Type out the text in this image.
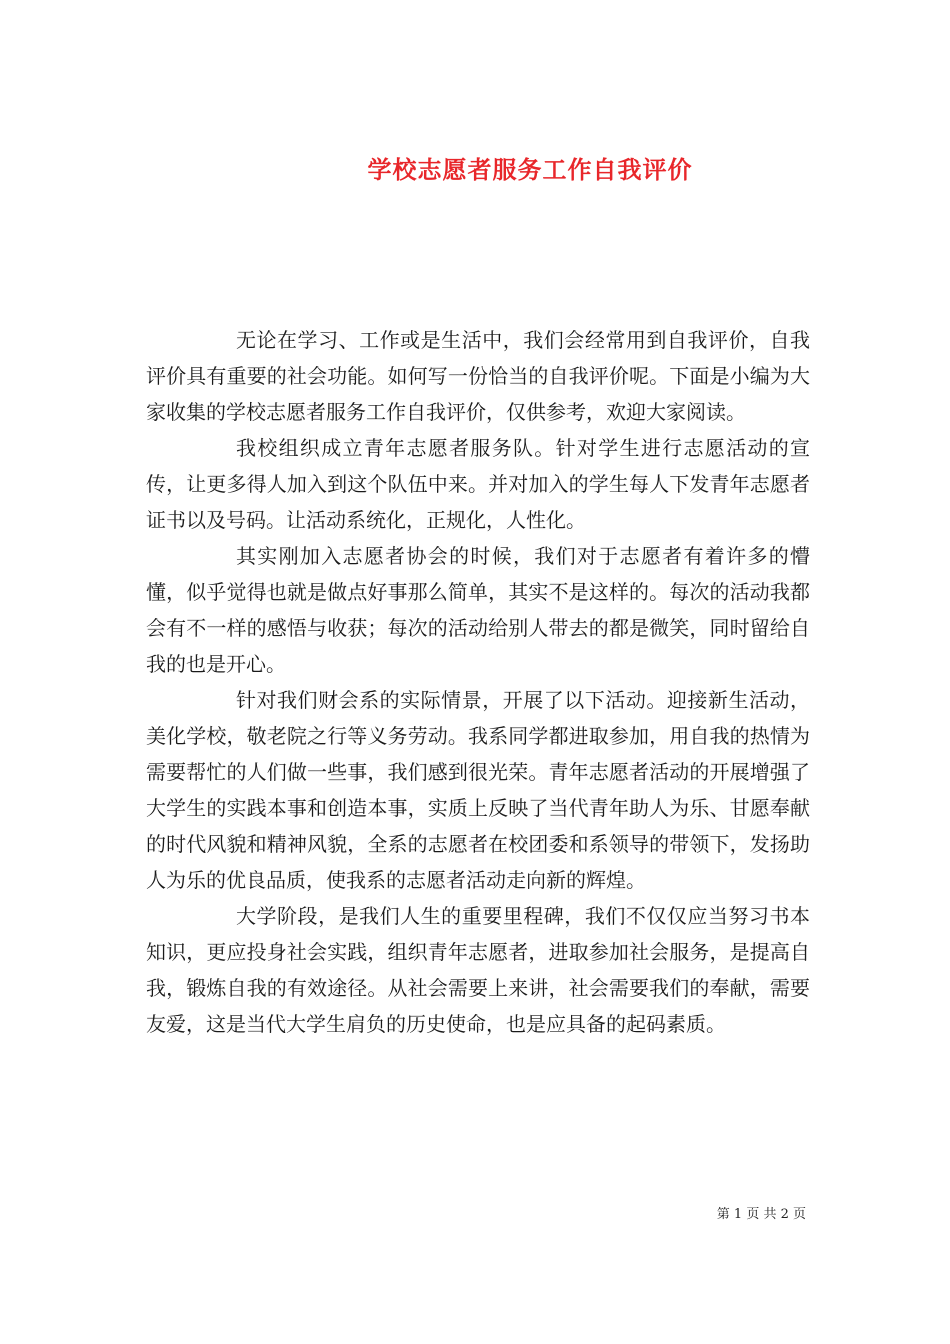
学校志愿者服务工作自我评价

无论在学习、工作或是生活中，我们会经常用到自我评价，自我评价具有重要的社会功能。如何写一份恰当的自我评价呢。下面是小编为大家收集的学校志愿者服务工作自我评价，仅供参考，欢迎大家阅读。

我校组织成立青年志愿者服务队。针对学生进行志愿活动的宣传，让更多得人加入到这个队伍中来。并对加入的学生每人下发青年志愿者证书以及号码。让活动系统化，正规化，人性化。

其实刚加入志愿者协会的时候，我们对于志愿者有着许多的懵懂，似乎觉得也就是做点好事那么简单，其实不是这样的。每次的活动我都会有不一样的感悟与收获；每次的活动给别人带去的都是微笑，同时留给自我的也是开心。

针对我们财会系的实际情景，开展了以下活动。迎接新生活动，美化学校，敬老院之行等义务劳动。我系同学都进取参加，用自我的热情为需要帮忙的人们做一些事，我们感到很光荣。青年志愿者活动的开展增强了大学生的实践本事和创造本事，实质上反映了当代青年助人为乐、甘愿奉献的时代风貌和精神风貌，全系的志愿者在校团委和系领导的带领下，发扬助人为乐的优良品质，使我系的志愿者活动走向新的辉煌。

大学阶段，是我们人生的重要里程碑，我们不仅仅应当努习书本知识，更应投身社会实践，组织青年志愿者，进取参加社会服务，是提高自我，锻炼自我的有效途径。从社会需要上来讲，社会需要我们的奉献，需要友爱，这是当代大学生肩负的历史使命，也是应具备的起码素质。

第 1 页 共 2 页
